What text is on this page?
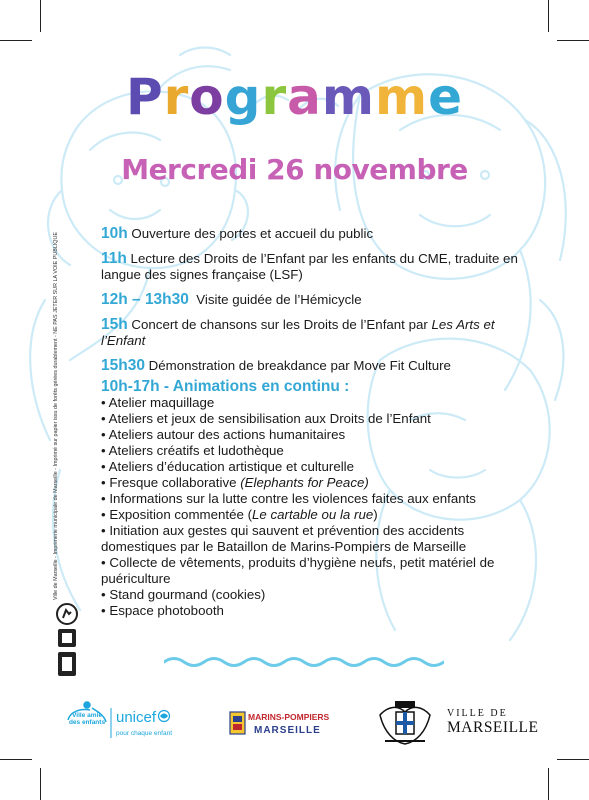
Programme
Mercredi 26 novembre
10h Ouverture des portes et accueil du public
11h Lecture des Droits de l’Enfant par les enfants du CME, traduite en langue des signes française (LSF)
12h – 13h30  Visite guidée de l’Hémicycle
15h Concert de chansons sur les Droits de l’Enfant par Les Arts et l’Enfant
15h30 Démonstration de breakdance par Move Fit Culture
10h-17h - Animations en continu :
• Atelier maquillage
• Ateliers et jeux de sensibilisation aux Droits de l’Enfant
• Ateliers autour des actions humanitaires
• Ateliers créatifs et ludothèque
• Ateliers d’éducation artistique et culturelle
• Fresque collaborative (Elephants for Peace)
• Informations sur la lutte contre les violences faites aux enfants
• Exposition commentée (Le cartable ou la rue)
• Initiation aux gestes qui sauvent et prévention des accidents domestiques par le Bataillon de Marins-Pompiers de Marseille
• Collecte de vêtements, produits d’hygiène neufs, petit matériel de puériculture
• Stand gourmand (cookies)
• Espace photobooth
Ville de Marseille - Imprimerie municipale de Marseille - Imprimé sur papier issu de forêts gérées durablement - NE PAS JETER SUR LA VOIE PUBLIQUE
Ville amie des enfants unicef
pour chaque enfant
MARINS-POMPIERS
MARSEILLE
VILLE DE
MARSEILLE
